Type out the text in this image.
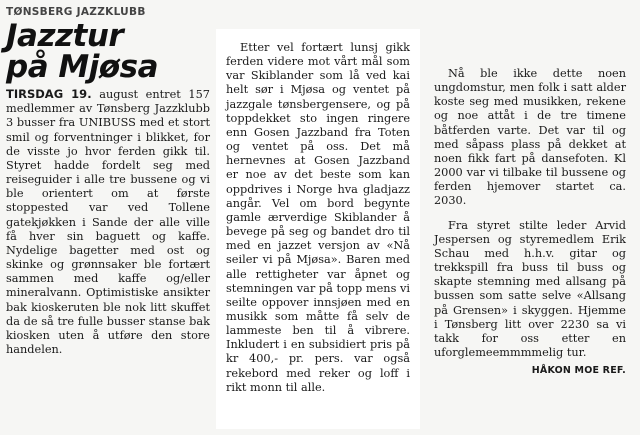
TØNSBERG JAZZKLUBB
Jazztur
på Mjøsa

TIRSDAG 19. august entret 157 medlemmer av Tønsberg Jazzklubb 3 busser fra UNIBUSS med et stort smil og forventninger i blikket, for de visste jo hvor ferden gikk til. Styret hadde fordelt seg med reiseguider i alle tre bussene og vi ble orientert om at første stoppested var ved Tollene gatekjøkken i Sande der alle ville få hver sin baguett og kaffe. Nydelige bagetter med ost og skinke og grønnsaker ble fortært sammen med kaffe og/eller mineralvann. Optimistiske ansikter bak kioskeruten ble nok litt skuffet da de så tre fulle busser stanse bak kiosken uten å utføre den store handelen.

Etter vel fortært lunsj gikk ferden videre mot vårt mål som var Skiblander som lå ved kai helt sør i Mjøsa og ventet på jazzgale tønsbergensere, og på toppdekket sto ingen ringere enn Gosen Jazzband fra Toten og ventet på oss. Det må hernevnes at Gosen Jazzband er noe av det beste som kan oppdrives i Norge hva gladjazz angår. Vel om bord begynte gamle ærverdige Skiblander å bevege på seg og bandet dro til med en jazzet versjon av «Nå seiler vi på Mjøsa». Baren med alle rettigheter var åpnet og stemningen var på topp mens vi seilte oppover innsjøen med en musikk som måtte få selv de lammeste ben til å vibrere. Inkludert i en subsidiert pris på kr 400,- pr. pers. var også rekebord med reker og loff i rikt monn til alle.

Nå ble ikke dette noen ungdomstur, men folk i satt alder koste seg med musikken, rekene og noe attåt i de tre timene båtferden varte. Det var til og med såpass plass på dekket at noen fikk fart på dansefoten. Kl 2000 var vi tilbake til bussene og ferden hjemover startet ca. 2030.

Fra styret stilte leder Arvid Jespersen og styremedlem Erik Schau med h.h.v. gitar og trekkspill fra buss til buss og skapte stemning med allsang på bussen som satte selve «Allsang på Grensen» i skyggen. Hjemme i Tønsberg litt over 2230 sa vi takk for oss etter en uforglemeemmmmelig tur.

HÅKON MOE REF.
